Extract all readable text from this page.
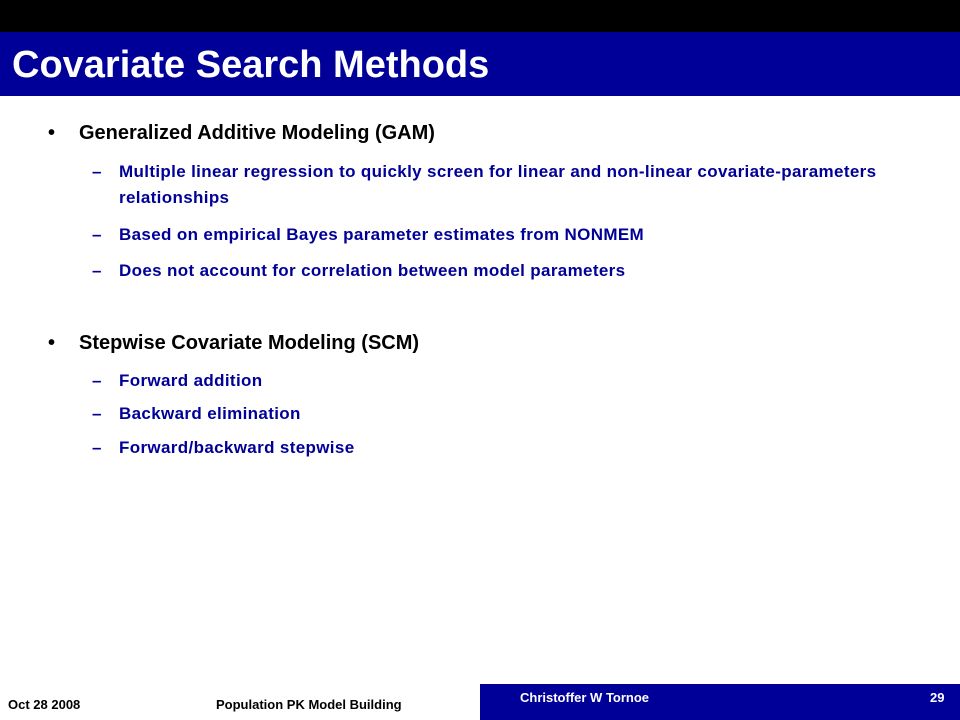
Covariate Search Methods
• Generalized Additive Modeling (GAM)
– Multiple linear regression to quickly screen for linear and non-linear covariate-parameters relationships
– Based on empirical Bayes parameter estimates from NONMEM
– Does not account for correlation between model parameters
• Stepwise Covariate Modeling (SCM)
– Forward addition
– Backward elimination
– Forward/backward stepwise
Oct 28 2008	Population PK Model Building	Christoffer W Tornoe	29
